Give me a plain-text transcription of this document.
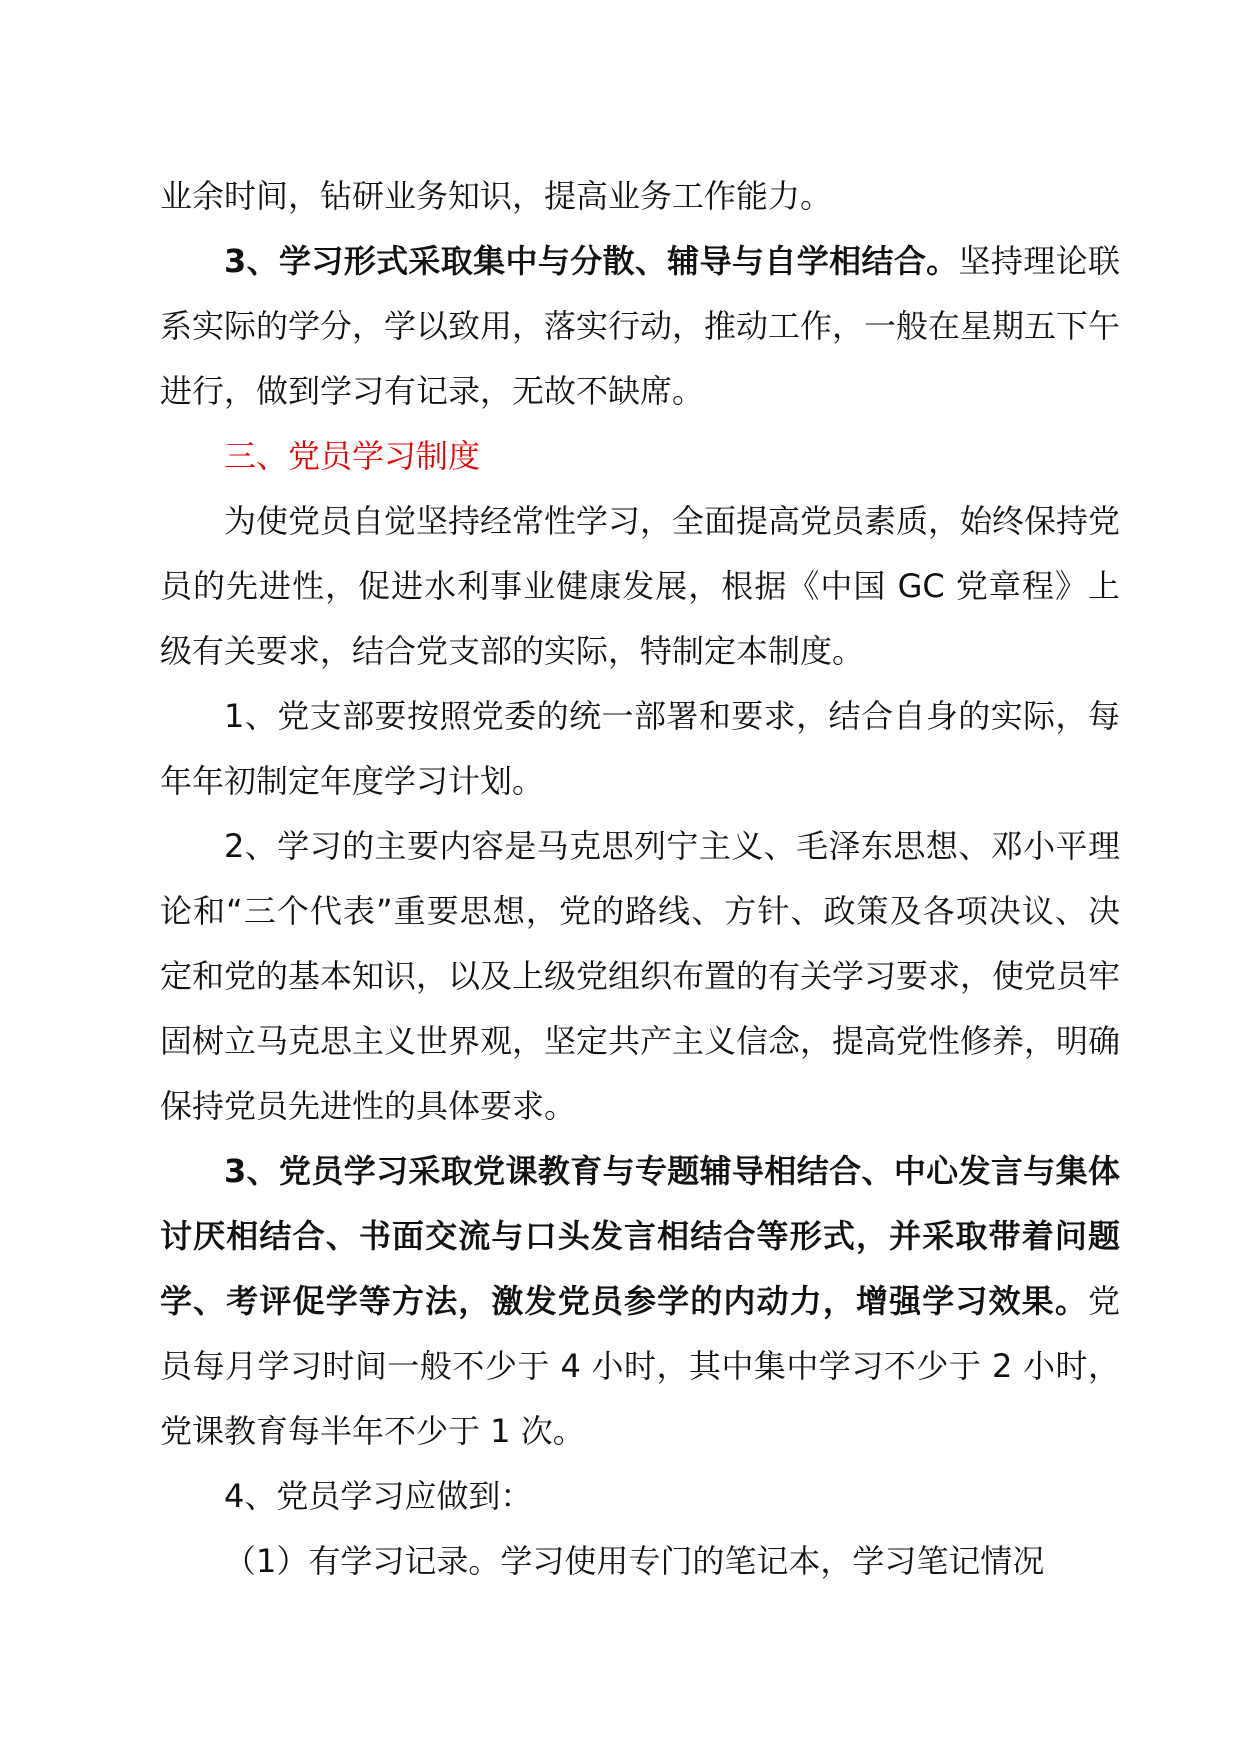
业余时间，钻研业务知识，提高业务工作能力。

3、学习形式采取集中与分散、辅导与自学相结合。坚持理论联系实际的学分，学以致用，落实行动，推动工作，一般在星期五下午进行，做到学习有记录，无故不缺席。

三、党员学习制度

为使党员自觉坚持经常性学习，全面提高党员素质，始终保持党员的先进性，促进水利事业健康发展，根据《中国 GC 党章程》上级有关要求，结合党支部的实际，特制定本制度。

1、党支部要按照党委的统一部署和要求，结合自身的实际，每年年初制定年度学习计划。

2、学习的主要内容是马克思列宁主义、毛泽东思想、邓小平理论和“三个代表”重要思想，党的路线、方针、政策及各项决议、决定和党的基本知识，以及上级党组织布置的有关学习要求，使党员牢固树立马克思主义世界观，坚定共产主义信念，提高党性修养，明确保持党员先进性的具体要求。

3、党员学习采取党课教育与专题辅导相结合、中心发言与集体讨厌相结合、书面交流与口头发言相结合等形式，并采取带着问题学、考评促学等方法，激发党员参学的内动力，增强学习效果。党员每月学习时间一般不少于 4 小时，其中集中学习不少于 2 小时，党课教育每半年不少于 1 次。

4、党员学习应做到：

（1）有学习记录。学习使用专门的笔记本，学习笔记情况
